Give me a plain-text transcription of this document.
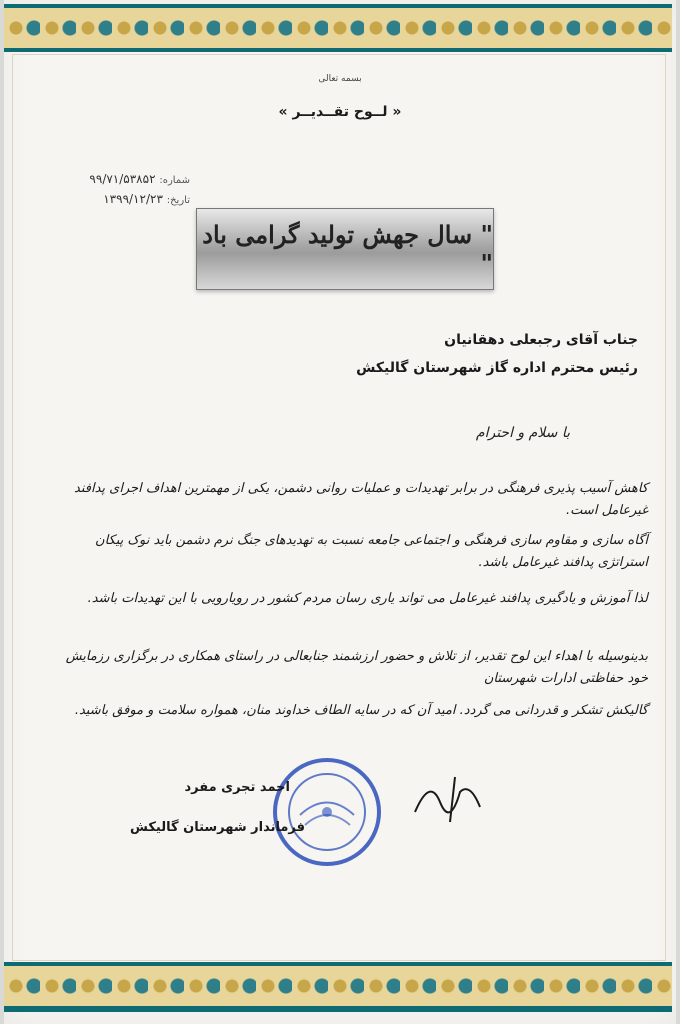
بسمه تعالی
« لــوح تقــدیــر »
شماره: ۹۹/۷۱/۵۳۸۵۲
تاریخ: ۱۳۹۹/۱۲/۲۳
" سال جهش تولید گرامی باد "
جناب آقای رجبعلی دهقانیان
رئیس محترم اداره گاز شهرستان گالیکش
با سلام و احترام
کاهش آسیب پذیری فرهنگی در برابر تهدیدات و عملیات روانی دشمن، یکی از مهمترین اهداف اجرای پدافند غیرعامل است.
آگاه سازی و مقاوم سازی فرهنگی و اجتماعی جامعه نسبت به تهدیدهای جنگ نرم دشمن باید نوک پیکان استراتژی پدافند غیرعامل باشد.
لذا آموزش و یادگیری پدافند غیرعامل می تواند یاری رسان مردم کشور در رویارویی با این تهدیدات باشد.
بدینوسیله با اهداء این لوح تقدیر، از تلاش و حضور ارزشمند جنابعالی در راستای همکاری در برگزاری رزمایش خود حفاظتی ادارات شهرستان
گالیکش تشکر و قدردانی می گردد. امید آن که در سایه الطاف خداوند منان، همواره سلامت و موفق باشید.
احمد تجری مفرد
فرماندار شهرستان گالیکش
